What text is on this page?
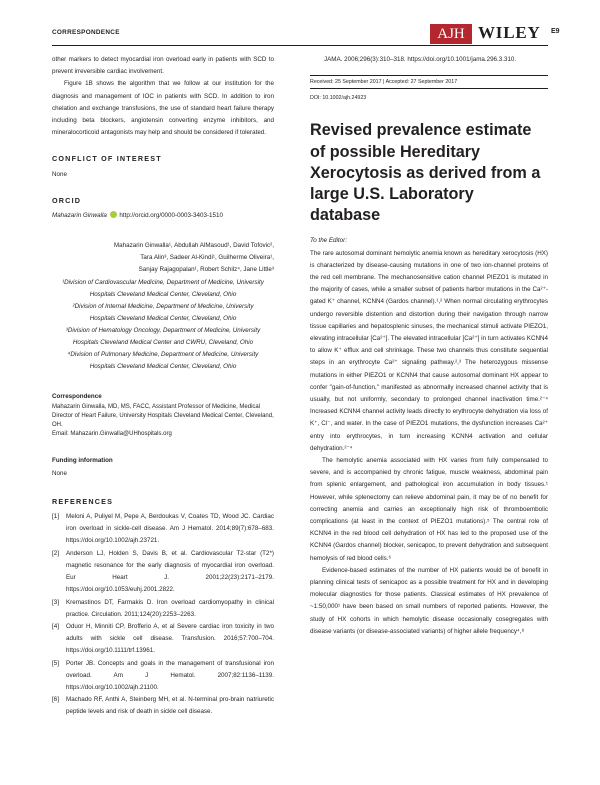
CORRESPONDENCE	AJH WILEY E9

other markers to detect myocardial iron overload early in patients with SCD to prevent irreversible cardiac involvement.

Figure 1B shows the algorithm that we follow at our institution for the diagnosis and management of IOC in patients with SCD. In addition to iron chelation and exchange transfusions, the use of standard heart failure therapy including beta blockers, angiotensin converting enzyme inhibitors, and mineralocorticoid antagonists may help and should be considered if tolerated.

CONFLICT OF INTEREST

None

ORCID

Mahazarin Ginwalla http://orcid.org/0000-0003-3403-1510

Mahazarin Ginwalla¹, Abdullah AlMasoud¹, David Tofovic²,
Tara Alin³, Sadeer Al-Kindi¹, Guilherme Oliveira¹,
Sanjay Rajagopalan¹, Robert Schilz⁴, Jane Little³
¹Division of Cardiovascular Medicine, Department of Medicine, University
Hospitals Cleveland Medical Center, Cleveland, Ohio
²Division of Internal Medicine, Department of Medicine, University
Hospitals Cleveland Medical Center, Cleveland, Ohio
³Division of Hematology Oncology, Department of Medicine, University
Hospitals Cleveland Medical Center and CWRU, Cleveland, Ohio
⁴Division of Pulmonary Medicine, Department of Medicine, University
Hospitals Cleveland Medical Center, Cleveland, Ohio
Correspondence
Mahazarin Ginwalla, MD, MS, FACC, Assistant Professor of Medicine, Medical Director of Heart Failure, University Hospitals Cleveland Medical Center, Cleveland, OH.
Email: Mahazarin.Ginwalla@UHhospitals.org
Funding information
None
REFERENCES
[1] Meloni A, Puliyel M, Pepe A, Berdoukas V, Coates TD, Wood JC. Cardiac iron overload in sickle-cell disease. Am J Hematol. 2014;89(7):678–683. https://doi.org/10.1002/ajh.23721.
[2] Anderson LJ, Holden S, Davis B, et al. Cardiovascular T2-star (T2*) magnetic resonance for the early diagnosis of myocardial iron overload. Eur Heart J. 2001;22(23):2171–2179. https://doi.org/10.1053/euhj.2001.2822.
[3] Kremastinos DT, Farmakis D. Iron overload cardiomyopathy in clinical practice. Circulation. 2011;124(20):2253–2263.
[4] Oduor H, Minniti CP, Brofferio A, et al Severe cardiac iron toxicity in two adults with sickle cell disease. Transfusion. 2016;57:700–704. https://doi.org/10.1111/trf.13961.
[5] Porter JB. Concepts and goals in the management of transfusional iron overload. Am J Hematol. 2007;82:1136–1139. https://doi.org/10.1002/ajh.21100.
[6] Machado RF, Anthi A, Steinberg MH, et al. N-terminal pro-brain natriuretic peptide levels and risk of death in sickle cell disease.
JAMA. 2006;296(3):310–318. https://doi.org/10.1001/jama.296.3.310.
Received: 25 September 2017 | Accepted: 27 September 2017
DOI: 10.1002/ajh.24923
Revised prevalence estimate of possible Hereditary Xerocytosis as derived from a large U.S. Laboratory database
To the Editor:

The rare autosomal dominant hemolytic anemia known as hereditary xerocytosis (HX) is characterized by disease-causing mutations in one of two ion-channel proteins of the red cell membrane. The mechanosensitive cation channel PIEZO1 is mutated in the majority of cases, while a smaller subset of patients harbor mutations in the Ca²⁺-gated K⁺ channel, KCNN4 (Gardos channel).¹,² When normal circulating erythrocytes undergo reversible distention and distortion during their navigation through narrow tissue capillaries and hepatosplenic sinuses, the mechanical stimuli activate PIEZO1, elevating intracellular [Ca²⁺]. The elevated intracellular [Ca²⁺] in turn activates KCNN4 to allow K⁺ efflux and cell shrinkage. These two channels thus constitute sequential steps in an erythrocyte Ca²⁺ signaling pathway.²,³ The heterozygous missense mutations in either PIEZO1 or KCNN4 that cause autosomal dominant HX appear to confer "gain-of-function," manifested as abnormally increased channel activity that is usually, but not uniformly, secondary to prolonged channel inactivation time.²⁻⁴ Increased KCNN4 channel activity leads directly to erythrocyte dehydration via loss of K⁺, Cl⁻, and water. In the case of PIEZO1 mutations, the dysfunction increases Ca²⁺ entry into erythrocytes, in turn increasing KCNN4 activation and cellular dehydration.²⁻⁴

The hemolytic anemia associated with HX varies from fully compensated to severe, and is accompanied by chronic fatigue, muscle weakness, abdominal pain from splenic enlargement, and pathological iron accumulation in body tissues.¹ However, while splenectomy can relieve abdominal pain, it may be of no benefit for correcting anemia and carries an exceptionally high risk of thromboembolic complications (at least in the context of PIEZO1 mutations).⁵ The central role of KCNN4 in the red blood cell dehydration of HX has led to the proposed use of the KCNN4 (Gardos channel) blocker, senicapoc, to prevent dehydration and subsequent hemolysis of red blood cells.⁶

Evidence-based estimates of the number of HX patients would be of benefit in planning clinical tests of senicapoc as a possible treatment for HX and in developing molecular diagnostics for those patients. Classical estimates of HX prevalence of ~1:50,000¹ have been based on small numbers of reported patients. However, the study of HX cohorts in which hemolytic disease occasionally cosegregates with disease variants (or disease-associated variants) of higher allele frequency⁴,⁸
